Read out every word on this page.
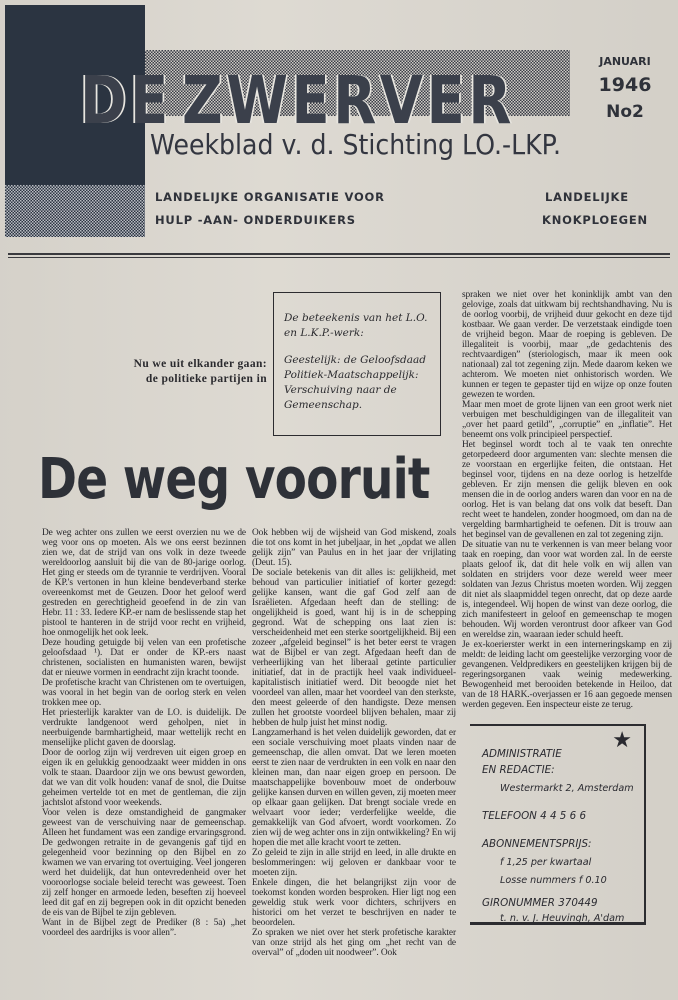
DE ZWERVER
Weekblad v. d. Stichting LO.-LKP.
LANDELIJKE ORGANISATIE VOOR
HULP -AAN- ONDERDUIKERS
LANDELIJKE
KNOKPLOEGEN
JANUARI
1946
No2
Nu we uit elkander gaan:
de politieke partijen in

De beteekenis van het L.O. en L.K.P.-werk:

Geestelijk: de Geloofsdaad

Politiek-Maatschappelijk:

Verschuiving naar de Gemeenschap.

De weg vooruit

De weg achter ons zullen we eerst overzien nu we de weg voor ons op moeten. Als we ons eerst bezinnen zien we, dat de strijd van ons volk in deze tweede wereldoorlog aansluit bij die van de 80-jarige oorlog. Het ging er steeds om de tyrannie te verdrijven. Vooral de KP.'s vertonen in hun kleine bendeverband sterke overeenkomst met de Geuzen. Door het geloof werd gestreden en gerechtigheid geoefend in de zin van Hebr. 11 : 33. Iedere KP.-er nam de beslissende stap het pistool te hanteren in de strijd voor recht en vrijheid, hoe onmogelijk het ook leek.

Deze houding getuigde bij velen van een profetische geloofsdaad ¹). Dat er onder de KP.-ers naast christenen, socialisten en humanisten waren, bewijst dat er nieuwe vormen in eendracht zijn kracht toonde.

De profetische kracht van Christenen om te overtuigen, was vooral in het begin van de oorlog sterk en velen trokken mee op.

Het priesterlijk karakter van de LO. is duidelijk. De verdrukte landgenoot werd geholpen, niet in neerbuigende barmhartigheid, maar wettelijk recht en menselijke plicht gaven de doorslag.

Door de oorlog zijn wij verdreven uit eigen groep en eigen ik en gelukkig genoodzaakt weer midden in ons volk te staan. Daardoor zijn we ons bewust geworden, dat we van dit volk houden: vanaf de snol, die Duitse geheimen vertelde tot en met de gentleman, die zijn jachtslot afstond voor weekends.

Voor velen is deze omstandigheid de gangmaker geweest van de verschuiving naar de gemeenschap. Alleen het fundament was een zandige ervaringsgrond. De gedwongen retraite in de gevangenis gaf tijd en gelegenheid voor bezinning op den Bijbel en zo kwamen we van ervaring tot overtuiging. Veel jongeren werd het duidelijk, dat hun ontevredenheid over het vooroorlogse sociale beleid terecht was geweest. Toen zij zelf honger en armoede leden, beseften zij hoeveel leed dit gaf en zij begrepen ook in dit opzicht beneden de eis van de Bijbel te zijn gebleven.

Want in de Bijbel zegt de Prediker (8 : 5a) „het voordeel des aardrijks is voor allen”.

Ook hebben wij de wijsheid van God miskend, zoals die tot ons komt in het jubeljaar, in het „opdat we allen gelijk zijn” van Paulus en in het jaar der vrijlating (Deut. 15).

De sociale betekenis van dit alles is: gelijkheid, met behoud van particulier initiatief of korter gezegd: gelijke kansen, want die gaf God zelf aan de Israëlieten. Afgedaan heeft dan de stelling: de ongelijkheid is goed, want hij is in de schepping gegrond. Wat de schepping ons laat zien is: verscheidenheid met een sterke soortgelijkheid. Bij een zozeer „afgeleid beginsel” is het beter eerst te vragen wat de Bijbel er van zegt. Afgedaan heeft dan de verheerlijking van het liberaal getinte particulier initiatief, dat in de practijk heel vaak individueel-kapitalistisch initiatief werd. Dit beoogde niet het voordeel van allen, maar het voordeel van den sterkste, den meest geleerde of den handigste. Deze mensen zullen het grootste voordeel blijven behalen, maar zij hebben de hulp juist het minst nodig.

Langzamerhand is het velen duidelijk geworden, dat er een sociale verschuiving moet plaats vinden naar de gemeenschap, die allen omvat. Dat we leren moeten eerst te zien naar de verdrukten in een volk en naar den kleinen man, dan naar eigen groep en persoon. De maatschappelijke bovenbouw moet de onderbouw gelijke kansen durven en willen geven, zij moeten meer op elkaar gaan gelijken. Dat brengt sociale vrede en welvaart voor ieder; verderfelijke weelde, die gemakkelijk van God afvoert, wordt voorkomen. Zo zien wij de weg achter ons in zijn ontwikkeling? En wij hopen die met alle kracht voort te zetten.

Zo geleid te zijn in alle strijd en leed, in alle drukte en beslommeringen: wij geloven er dankbaar voor te moeten zijn.

Enkele dingen, die het belangrijkst zijn voor de toekomst konden worden besproken. Hier ligt nog een geweldig stuk werk voor dichters, schrijvers en historici om het verzet te beschrijven en nader te beoordelen.

Zo spraken we niet over het sterk profetische karakter van onze strijd als het ging om „het recht van de overval” of „doden uit noodweer”. Ook

spraken we niet over het koninklijk ambt van den gelovige, zoals dat uitkwam bij rechtshandhaving. Nu is de oorlog voorbij, de vrijheid duur gekocht en deze tijd kostbaar. We gaan verder. De verzetstaak eindigde toen de vrijheid begon. Maar de roeping is gebleven. De illegaliteit is voorbij, maar „de gedachtenis des rechtvaardigen” (steriologisch, maar ik meen ook nationaal) zal tot zegening zijn. Mede daarom keken we achterom. We moeten niet onhistorisch worden. We kunnen er tegen te gepaster tijd en wijze op onze fouten gewezen te worden.

Maar men moet de grote lijnen van een groot werk niet verbuigen met beschuldigingen van de illegaliteit van „over het paard getild”, „corruptie” en „inflatie”. Het beneemt ons volk principieel perspectief.

Het beginsel wordt toch al te vaak ten onrechte getorpedeerd door argumenten van: slechte mensen die ze voorstaan en ergerlijke feiten, die ontstaan. Het beginsel voor, tijdens en na deze oorlog is hetzelfde gebleven. Er zijn mensen die gelijk bleven en ook mensen die in de oorlog anders waren dan voor en na de oorlog. Het is van belang dat ons volk dat beseft. Dan recht weet te handelen, zonder hoogmoed, om dan na de vergelding barmhartigheid te oefenen. Dit is trouw aan het beginsel van de gevallenen en zal tot zegening zijn.

De situatie van nu te verkennen is van meer belang voor taak en roeping, dan voor wat worden zal. In de eerste plaats geloof ik, dat dit hele volk en wij allen van soldaten en strijders voor deze wereld weer meer soldaten van Jezus Christus moeten worden. Wij zeggen dit niet als slaapmiddel tegen onrecht, dat op deze aarde is, integendeel. Wij hopen de winst van deze oorlog, die zich manifesteert in geloof en gemeenschap te mogen behouden. Wij worden verontrust door afkeer van God en wereldse zin, waaraan ieder schuld heeft.

Je ex-koerierster werkt in een interneringskamp en zij meldt: de leiding lacht om geestelijke verzorging voor de gevangenen. Veldpredikers en geestelijken krijgen bij de regeringsorganen vaak weinig medewerking. Bewogenheid met berooiden betekende in Heiloo, dat van de 18 HARK.-overjassen er 16 aan gegoede mensen werden gegeven. Een inspecteur eiste ze terug.

★
ADMINISTRATIE
EN REDACTIE:
Westermarkt 2, Amsterdam
TELEFOON 4 4 5 6 6
ABONNEMENTSPRIJS:
f 1,25 per kwartaal
Losse nummers f 0.10
GIRONUMMER 370449
t. n. v. J. Heuvingh, A'dam
